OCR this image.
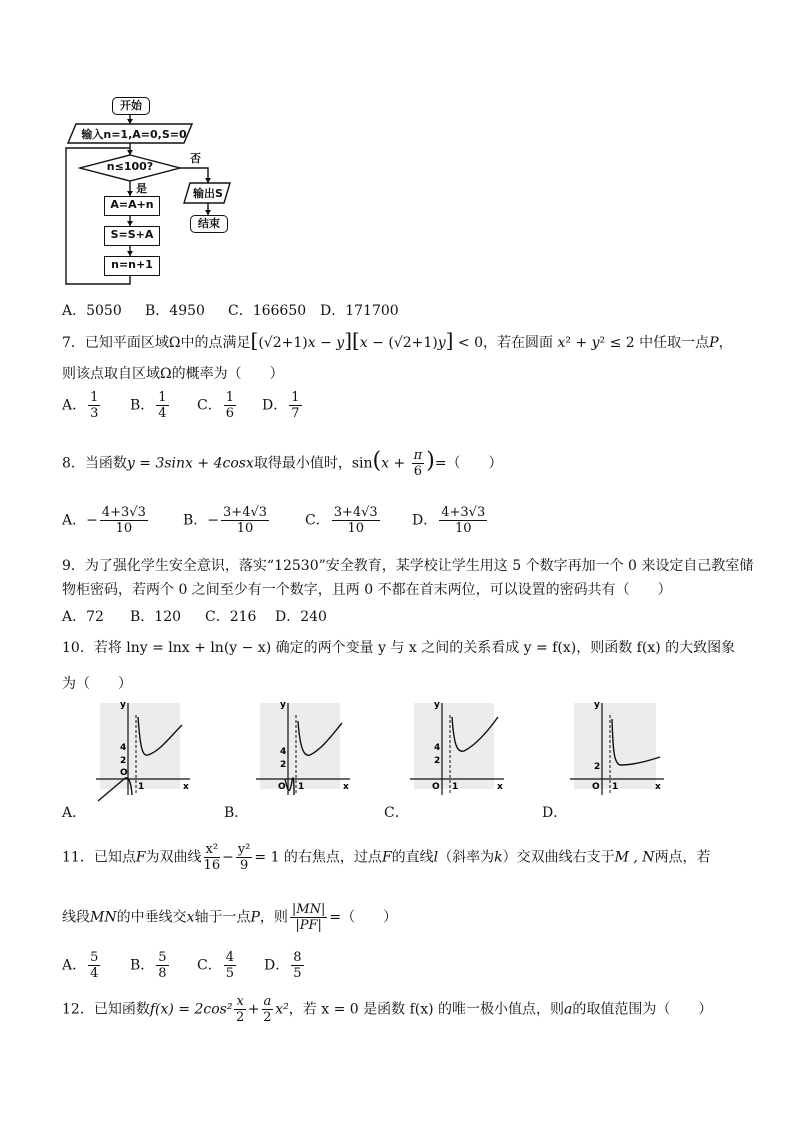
开始
输入n=1,A=0,S=0
n≤100?
是
否
A=A+n
S=S+A
n=n+1
输出S
结束
A．5050 B．4950 C．166650 D．171700
7．已知平面区域Ω中的点满足[(√2+1)x − y][x − (√2+1)y] < 0，若在圆面 x² + y² ≤ 2 中任取一点P，
则该点取自区域Ω的概率为（　　）
A． $\frac{1}{3}$ B． $\frac{1}{4}$ C． $\frac{1}{6}$ D． $\frac{1}{7}$
8．当函数y = 3sinx + 4cosx取得最小值时，$\sin(x + \frac{\pi}{6}$ )=（　　）
A．− $\frac{4+3√3}{10}$	B．− $\frac{3+4√3}{10}$	C． $\frac{3+4√3}{10}$ D． $\frac{4+3√3}{10}$
9．为了强化学生安全意识，落实“12530”安全教育，某学校让学生用这 5 个数字再加一个 0 来设定自己教室储
物柜密码，若两个 0 之间至少有一个数字，且两 0 不都在首末两位，可以设置的密码共有（　　）
A．72 B．120 C．216 D．240
10．若将 lny = lnx + ln(y − x) 确定的两个变量 y 与 x 之间的关系看成 y = f(x)，则函数 f(x) 的大致图象
为（　　）
y
x
4
2
O
1
y
x
4
2
O 1
y
x
4
2
O 1
y
x
2
O 1
A．	B．	C．	D．
11．已知点F为双曲线 $\frac{\text{x²}}{16} - \frac{\text{y²}}{9} = 1$ 的右焦点，过点F的直线l（斜率为k）交双曲线右支于M , N两点，若
线段MN的中垂线交x轴于一点P，则 $\frac{|MN|}{|PF|}$ =（　　）
A． $\frac{5}{4}$ B． $\frac{5}{8}$ C． $\frac{4}{5}$ D． $\frac{8}{5}$
12．已知函数$f(x) = 2\cos^2 \frac{x}{2} + \frac{a}{2} x^2$，若 x = 0 是函数 f(x) 的唯一极小值点，则a的取值范围为（　　）
